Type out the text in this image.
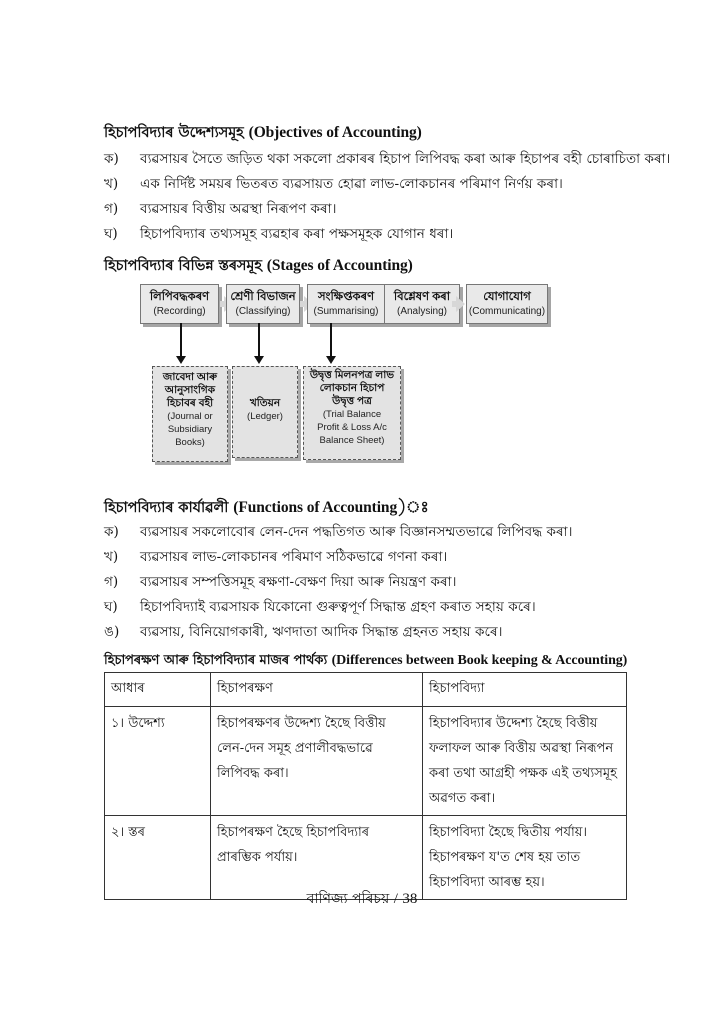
হিচাপবিদ্যাৰ উদ্দেশ্যসমূহ (Objectives of Accounting)
ক)	ব্যৱসায়ৰ সৈতে জড়িত থকা সকলো প্ৰকাৰৰ হিচাপ লিপিবদ্ধ কৰা আৰু হিচাপৰ বহী চোৰাচিতা কৰা।
খ)	এক নিৰ্দিষ্ট সময়ৰ ভিতৰত ব্যৱসায়ত হোৱা লাভ-লোকচানৰ পৰিমাণ নিৰ্ণয় কৰা।
গ)	ব্যৱসায়ৰ বিত্তীয় অৱস্থা নিৰূপণ কৰা।
ঘ)	হিচাপবিদ্যাৰ তথ্যসমূহ ব্যৱহাৰ কৰা পক্ষসমূহক যোগান ধৰা।
হিচাপবিদ্যাৰ বিভিন্ন স্তৰসমূহ (Stages of Accounting)
লিপিবদ্ধকৰণ
(Recording)
শ্ৰেণী বিভাজন
(Classifying)
সংক্ষিপ্তকৰণ
(Summarising)
বিশ্লেষণ কৰা
(Analysing)
যোগাযোগ
(Communicating)
জাবেদা আৰু
আনুসাংগিক
হিচাবৰ বহী
(Journal or
Subsidiary
Books)
খতিয়ন
(Ledger)
উদ্বৃত্ত মিলনপত্ৰ লাভ
লোকচান হিচাপ
উদ্বৃত্ত পত্ৰ
(Trial Balance
Profit & Loss A/c
Balance Sheet)
হিচাপবিদ্যাৰ কাৰ্যাৱলী (Functions of Accounting)ঃ
ক)	ব্যৱসায়ৰ সকলোবোৰ লেন-দেন পদ্ধতিগত আৰু বিজ্ঞানসম্মতভাৱে লিপিবদ্ধ কৰা।
খ)	ব্যৱসায়ৰ লাভ-লোকচানৰ পৰিমাণ সঠিকভাৱে গণনা কৰা।
গ)	ব্যৱসায়ৰ সম্পত্তিসমূহ ৰক্ষণা-বেক্ষণ দিয়া আৰু নিয়ন্ত্ৰণ কৰা।
ঘ)	হিচাপবিদ্যাই ব্যৱসায়ক যিকোনো গুৰুত্বপূৰ্ণ সিদ্ধান্ত গ্ৰহণ কৰাত সহায় কৰে।
ঙ)	ব্যৱসায়, বিনিয়োগকাৰী, ঋণদাতা আদিক সিদ্ধান্ত গ্ৰহনত সহায় কৰে।
হিচাপৰক্ষণ আৰু হিচাপবিদ্যাৰ মাজৰ পাৰ্থক্য (Differences between Book keeping & Accounting)
আধাৰ	হিচাপৰক্ষণ	হিচাপবিদ্যা
১। উদ্দেশ্য	হিচাপৰক্ষণৰ উদ্দেশ্য হৈছে বিত্তীয় লেন-দেন সমূহ প্ৰণালীবদ্ধভাৱে লিপিবদ্ধ কৰা।	হিচাপবিদ্যাৰ উদ্দেশ্য হৈছে বিত্তীয় ফলাফল আৰু বিত্তীয় অৱস্থা নিৰূপন কৰা তথা আগ্ৰহী পক্ষক এই তথ্যসমূহ অৱগত কৰা।
২। স্তৰ	হিচাপৰক্ষণ হৈছে হিচাপবিদ্যাৰ প্ৰাৰম্ভিক পৰ্যায়।	হিচাপবিদ্যা হৈছে দ্বিতীয় পৰ্যায়। হিচাপৰক্ষণ য'ত শেষ হয় তাত হিচাপবিদ্যা আৰম্ভ হয়।
বাণিজ্য পৰিচয় / 38
